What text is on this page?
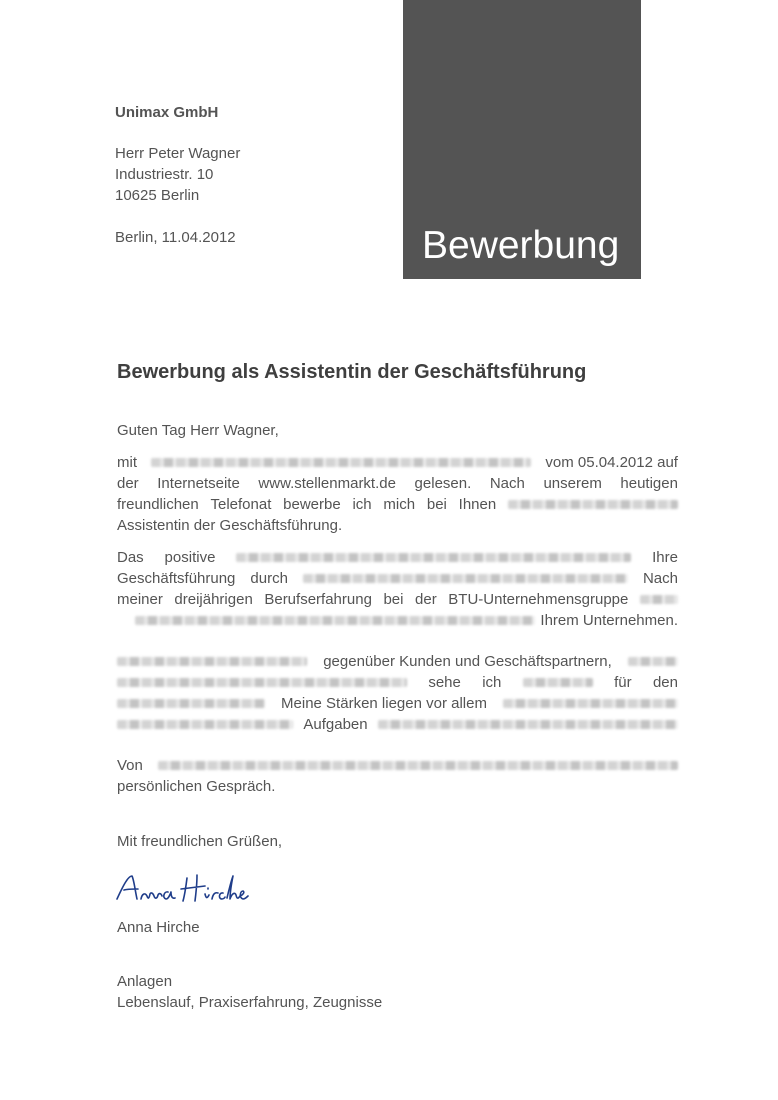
Bewerbung
Unimax GmbH
Herr Peter Wagner
Industriestr. 10
10625 Berlin
Berlin, 11.04.2012
Bewerbung als Assistentin der Geschäftsführung
Guten Tag Herr Wagner,
mit	vom 05.04.2012 auf
der Internetseite www.stellenmarkt.de gelesen. Nach unserem heutigen
freundlichen Telefonat bewerbe ich mich bei Ihnen
Assistentin der Geschäftsführung.
Das positive	Ihre
Geschäftsführung durch	Nach
meiner dreijährigen Berufserfahrung bei der BTU-Unternehmensgruppe
Ihrem Unternehmen.
gegenüber Kunden und Geschäftspartnern,
sehe ich	für den
Meine Stärken liegen vor allem
Aufgaben
Von
persönlichen Gespräch.
Mit freundlichen Grüßen,
Anna Hirche
Anlagen
Lebenslauf, Praxiserfahrung, Zeugnisse
